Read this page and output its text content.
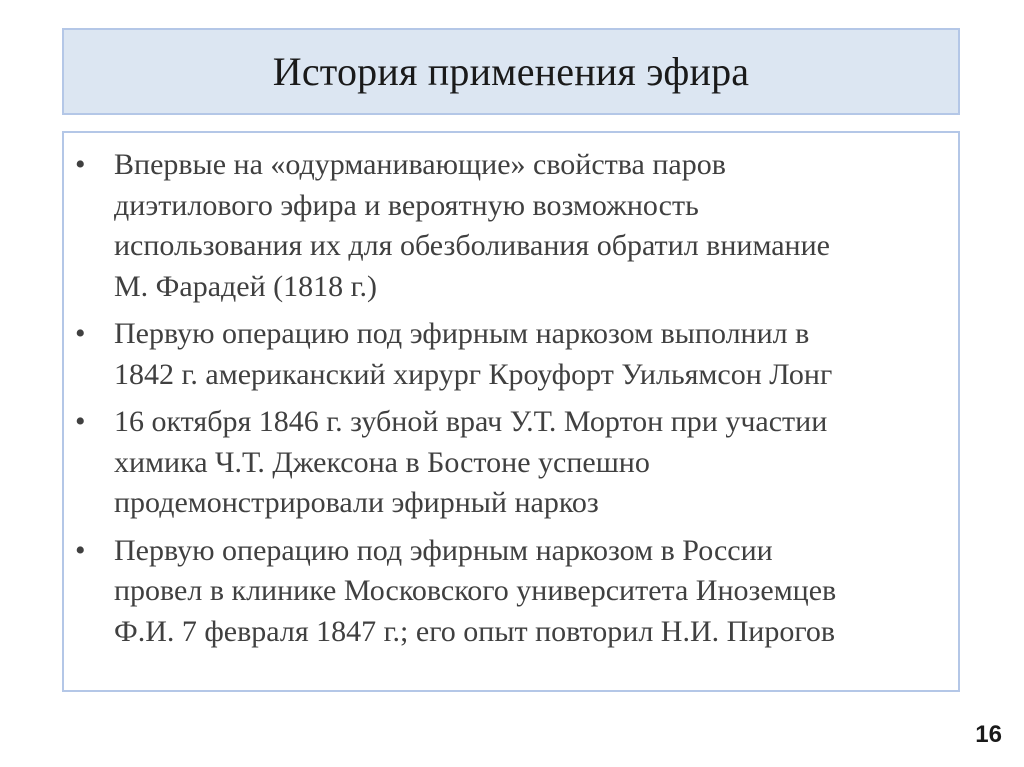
История применения эфира
• Впервые на «одурманивающие» свойства паров
диэтилового эфира и вероятную возможность
использования их для обезболивания обратил внимание
М. Фарадей (1818 г.)
• Первую операцию под эфирным наркозом выполнил в
1842 г. американский хирург Кроуфорт Уильямсон Лонг
• 16 октября 1846 г. зубной врач У.Т. Мортон при участии
химика Ч.Т. Джексона в Бостоне успешно
продемонстрировали эфирный наркоз
• Первую операцию под эфирным наркозом в России
провел в клинике Московского университета Иноземцев
Ф.И. 7 февраля 1847 г.; его опыт повторил Н.И. Пирогов
16
